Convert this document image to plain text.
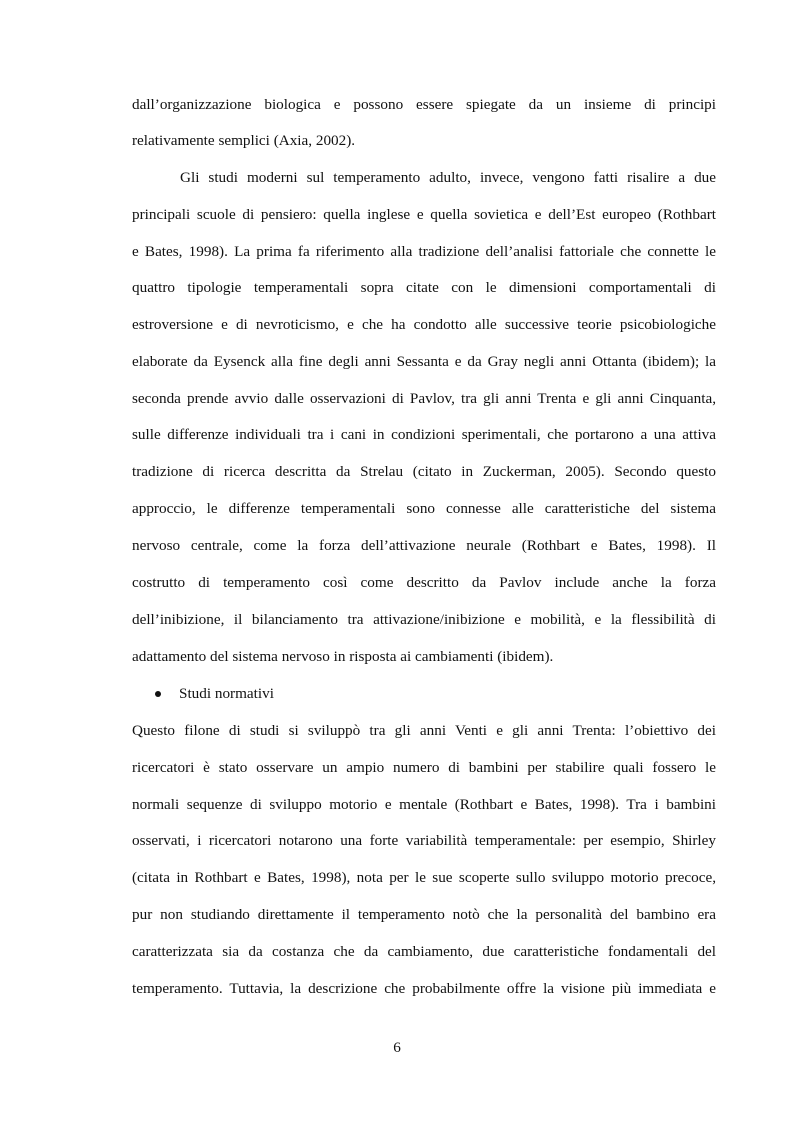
dall’organizzazione biologica e possono essere spiegate da un insieme di principi
relativamente semplici (Axia, 2002).
Gli studi moderni sul temperamento adulto, invece, vengono fatti risalire a due
principali scuole di pensiero: quella inglese e quella sovietica e dell’Est europeo (Rothbart
e Bates, 1998). La prima fa riferimento alla tradizione dell’analisi fattoriale che connette le
quattro tipologie temperamentali sopra citate con le dimensioni comportamentali di
estroversione e di nevroticismo, e che ha condotto alle successive teorie psicobiologiche
elaborate da Eysenck alla fine degli anni Sessanta e da Gray negli anni Ottanta (ibidem); la
seconda prende avvio dalle osservazioni di Pavlov, tra gli anni Trenta e gli anni Cinquanta,
sulle differenze individuali tra i cani in condizioni sperimentali, che portarono a una attiva
tradizione di ricerca descritta da Strelau (citato in Zuckerman, 2005). Secondo questo
approccio, le differenze temperamentali sono connesse alle caratteristiche del sistema
nervoso centrale, come la forza dell’attivazione neurale (Rothbart e Bates, 1998). Il
costrutto di temperamento così come descritto da Pavlov include anche la forza
dell’inibizione, il bilanciamento tra attivazione/inibizione e mobilità, e la flessibilità di
adattamento del sistema nervoso in risposta ai cambiamenti (ibidem).
Studi normativi
Questo filone di studi si sviluppò tra gli anni Venti e gli anni Trenta: l’obiettivo dei
ricercatori è stato osservare un ampio numero di bambini per stabilire quali fossero le
normali sequenze di sviluppo motorio e mentale (Rothbart e Bates, 1998). Tra i bambini
osservati, i ricercatori notarono una forte variabilità temperamentale: per esempio, Shirley
(citata in Rothbart e Bates, 1998), nota per le sue scoperte sullo sviluppo motorio precoce,
pur non studiando direttamente il temperamento notò che la personalità del bambino era
caratterizzata sia da costanza che da cambiamento, due caratteristiche fondamentali del
temperamento. Tuttavia, la descrizione che probabilmente offre la visione più immediata e
6
